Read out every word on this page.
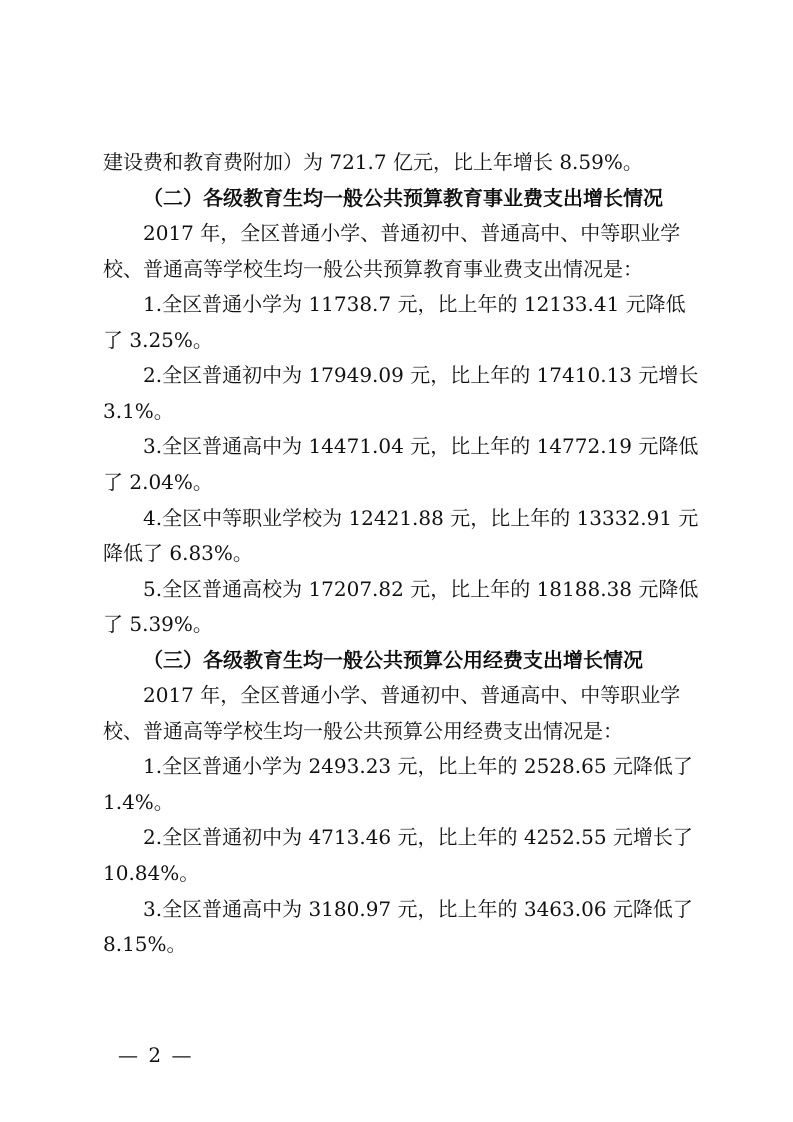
建设费和教育费附加）为 721.7 亿元，比上年增长 8.59%。
（二）各级教育生均一般公共预算教育事业费支出增长情况
2017 年，全区普通小学、普通初中、普通高中、中等职业学
校、普通高等学校生均一般公共预算教育事业费支出情况是：
1.全区普通小学为 11738.7 元，比上年的 12133.41 元降低
了 3.25%。
2.全区普通初中为 17949.09 元，比上年的 17410.13 元增长
3.1%。
3.全区普通高中为 14471.04 元，比上年的 14772.19 元降低
了 2.04%。
4.全区中等职业学校为 12421.88 元，比上年的 13332.91 元
降低了 6.83%。
5.全区普通高校为 17207.82 元，比上年的 18188.38 元降低
了 5.39%。
（三）各级教育生均一般公共预算公用经费支出增长情况
2017 年，全区普通小学、普通初中、普通高中、中等职业学
校、普通高等学校生均一般公共预算公用经费支出情况是：
1.全区普通小学为 2493.23 元，比上年的 2528.65 元降低了
1.4%。
2.全区普通初中为 4713.46 元，比上年的 4252.55 元增长了
10.84%。
3.全区普通高中为 3180.97 元，比上年的 3463.06 元降低了
8.15%。
— 2 —
